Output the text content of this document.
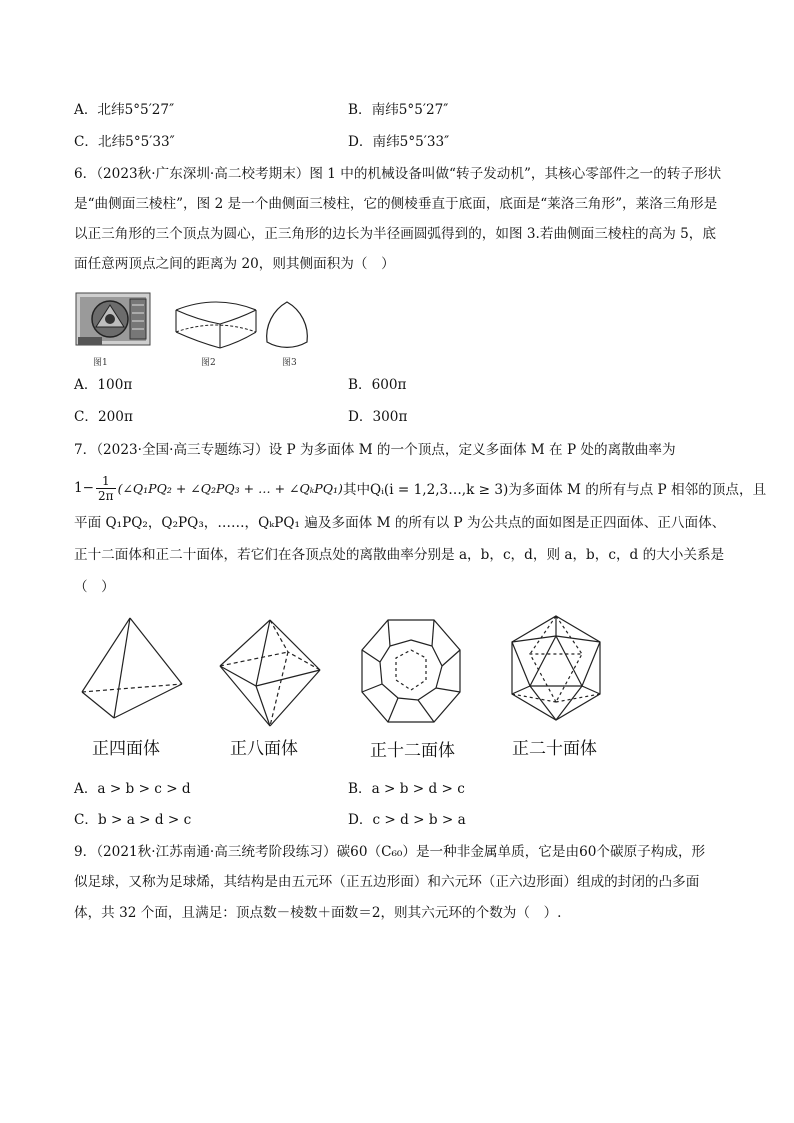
A．北纬5°5′27″	B．南纬5°5′27″
C．北纬5°5′33″	D．南纬5°5′33″
6．（2023秋·广东深圳·高二校考期末）图 1 中的机械设备叫做“转子发动机”，其核心零部件之一的转子形状
是“曲侧面三棱柱”，图 2 是一个曲侧面三棱柱，它的侧棱垂直于底面，底面是“莱洛三角形”，莱洛三角形是
以正三角形的三个顶点为圆心，正三角形的边长为半径画圆弧得到的，如图 3.若曲侧面三棱柱的高为 5，底
面任意两顶点之间的距离为 20，则其侧面积为（　）
图1	图2	图3
A．100π	B．600π
C．200π	D．300π
7．（2023·全国·高三专题练习）设 P 为多面体 M 的一个顶点，定义多面体 M 在 P 处的离散曲率为
$1- \frac{1}{2\pi}$ (∠Q₁PQ₂ + ∠Q₂PQ₃ + … + ∠QₖPQ₁) 其中Qᵢ(i = 1,2,3…,k ≥ 3)为多面体 M 的所有与点 P 相邻的顶点，且
平面 Q₁PQ₂，Q₂PQ₃，……，QₖPQ₁ 遍及多面体 M 的所有以 P 为公共点的面如图是正四面体、正八面体、
正十二面体和正二十面体，若它们在各顶点处的离散曲率分别是 a，b，c，d，则 a，b，c，d 的大小关系是
（　）
正四面体	正八面体	正十二面体	正二十面体
A．a > b > c > d	B．a > b > d > c
C．b > a > d > c	D．c > d > b > a
9．（2021秋·江苏南通·高三统考阶段练习）碳60（C₆₀）是一种非金属单质，它是由60个碳原子构成，形
似足球，又称为足球烯，其结构是由五元环（正五边形面）和六元环（正六边形面）组成的封闭的凸多面
体，共 32 个面，且满足：顶点数－棱数＋面数＝2，则其六元环的个数为（　）.
